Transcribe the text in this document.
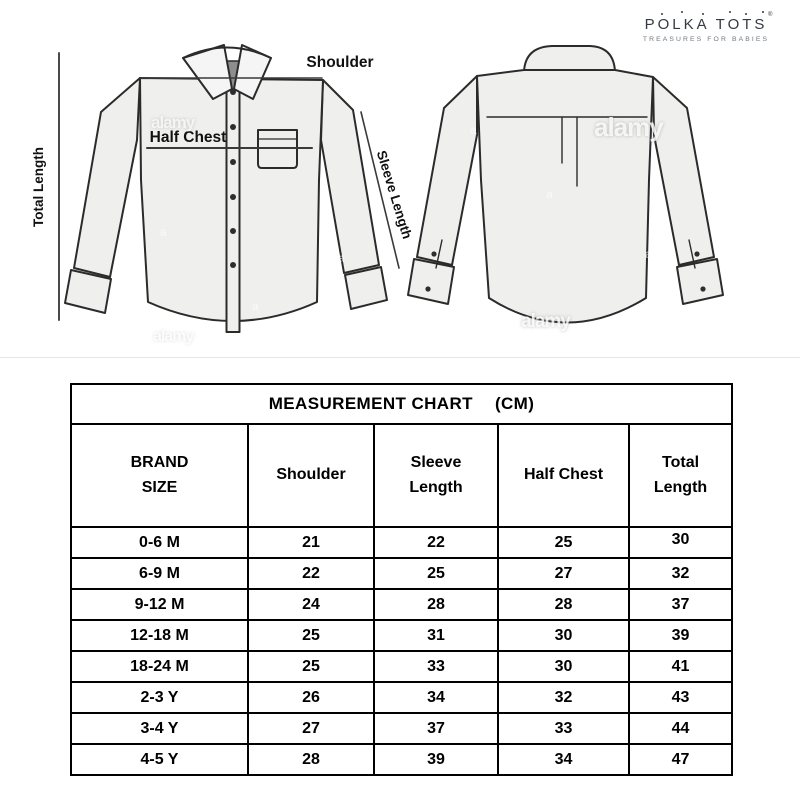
Shoulder
Half Chest
Sleeve Length
Total Length
alamy	alamy
alamy
alamy
a
a
a
a
a
a
POLKA TOTS
®
TREASURES FOR BABIES
MEASUREMENT CHART (CM)				
BRAND SIZE	Shoulder	Sleeve Length	Half Chest	Total Length
0-6 M	21	22	25	30
6-9 M	22	25	27	32
9-12 M	24	28	28	37
12-18 M	25	31	30	39
18-24 M	25	33	30	41
2-3 Y	26	34	32	43
3-4 Y	27	37	33	44
4-5 Y	28	39	34	47
